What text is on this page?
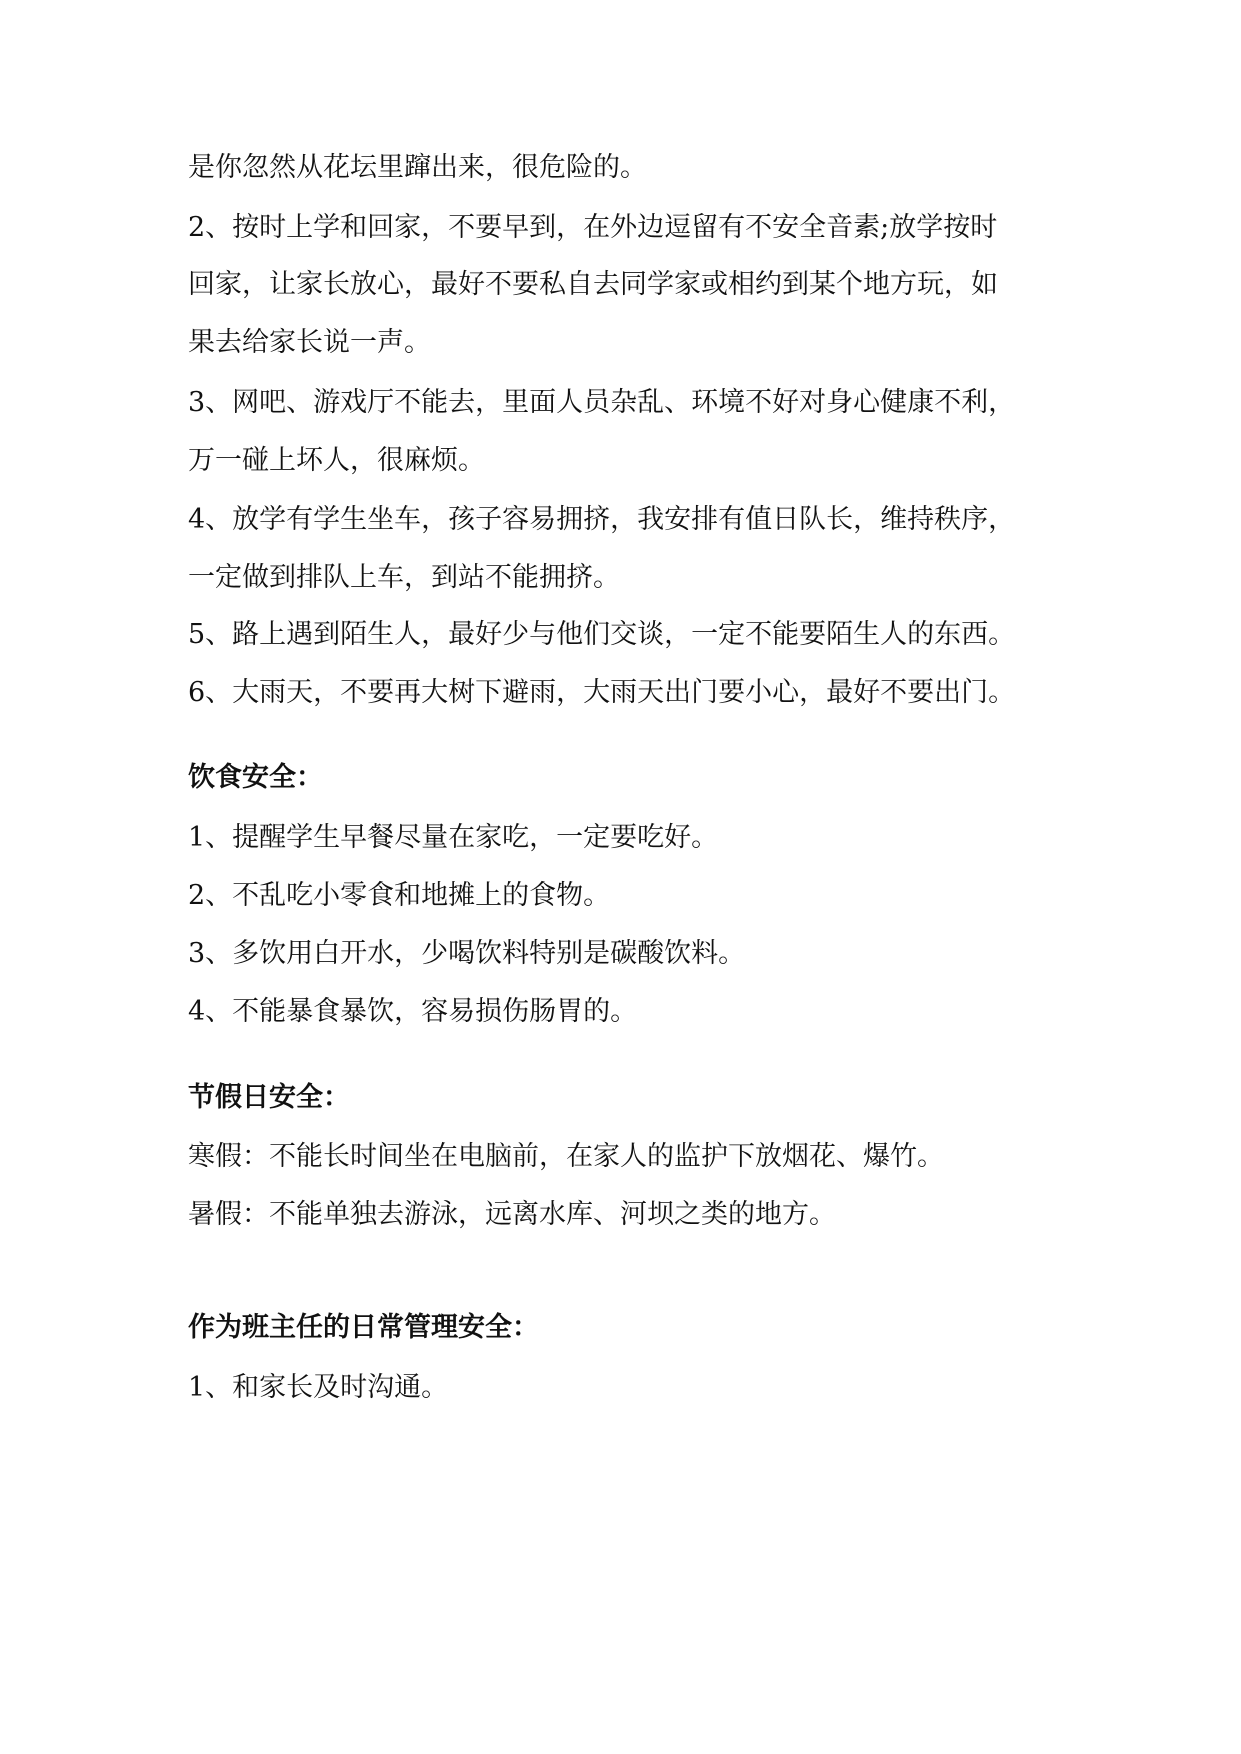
是你忽然从花坛里蹿出来，很危险的。
2、按时上学和回家，不要早到，在外边逗留有不安全音素;放学按时
回家，让家长放心，最好不要私自去同学家或相约到某个地方玩，如
果去给家长说一声。
3、网吧、游戏厅不能去，里面人员杂乱、环境不好对身心健康不利，
万一碰上坏人，很麻烦。
4、放学有学生坐车，孩子容易拥挤，我安排有值日队长，维持秩序，
一定做到排队上车，到站不能拥挤。
5、路上遇到陌生人，最好少与他们交谈，一定不能要陌生人的东西。
6、大雨天，不要再大树下避雨，大雨天出门要小心，最好不要出门。
饮食安全：
1、提醒学生早餐尽量在家吃，一定要吃好。
2、不乱吃小零食和地摊上的食物。
3、多饮用白开水，少喝饮料特别是碳酸饮料。
4、不能暴食暴饮，容易损伤肠胃的。
节假日安全：
寒假：不能长时间坐在电脑前，在家人的监护下放烟花、爆竹。
暑假：不能单独去游泳，远离水库、河坝之类的地方。
作为班主任的日常管理安全：
1、和家长及时沟通。
